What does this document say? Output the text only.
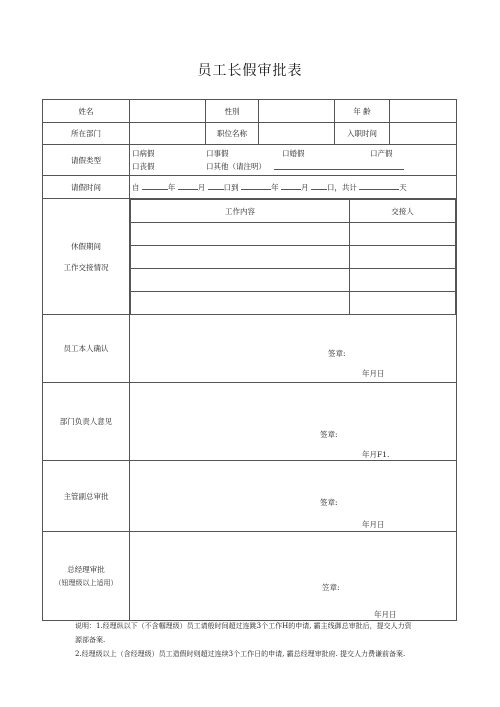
员工长假审批表
姓名		性別		年 齢	
所在部门		职位名称		入职时间	
请假类型	
口病假	口事假	口婚假	口产假
口丧假	口其他（请注明）

请假时间	自	年	月 口到	年	月 口，共计	天

休假期间
工作交接情况

工作内容	交接人

员工本人确认	
签章:
年月日

部门负责人意见	
签章:
年月F1.

主管副总审批	
签章:
年月日

总经理审批
（钮理级以上适用）	笠章:
年月日
说明：1.经理纵以下（不含帼理级）员工请般时间超过连跳3个工作H的申请, 霸主线御总审批后，提交人力资
源部备案.
2.经理级以上（含经理级）员工造假时则超过连续3个工作日的申请, 霸总经理审批府. 提交人力费谦前备案.
